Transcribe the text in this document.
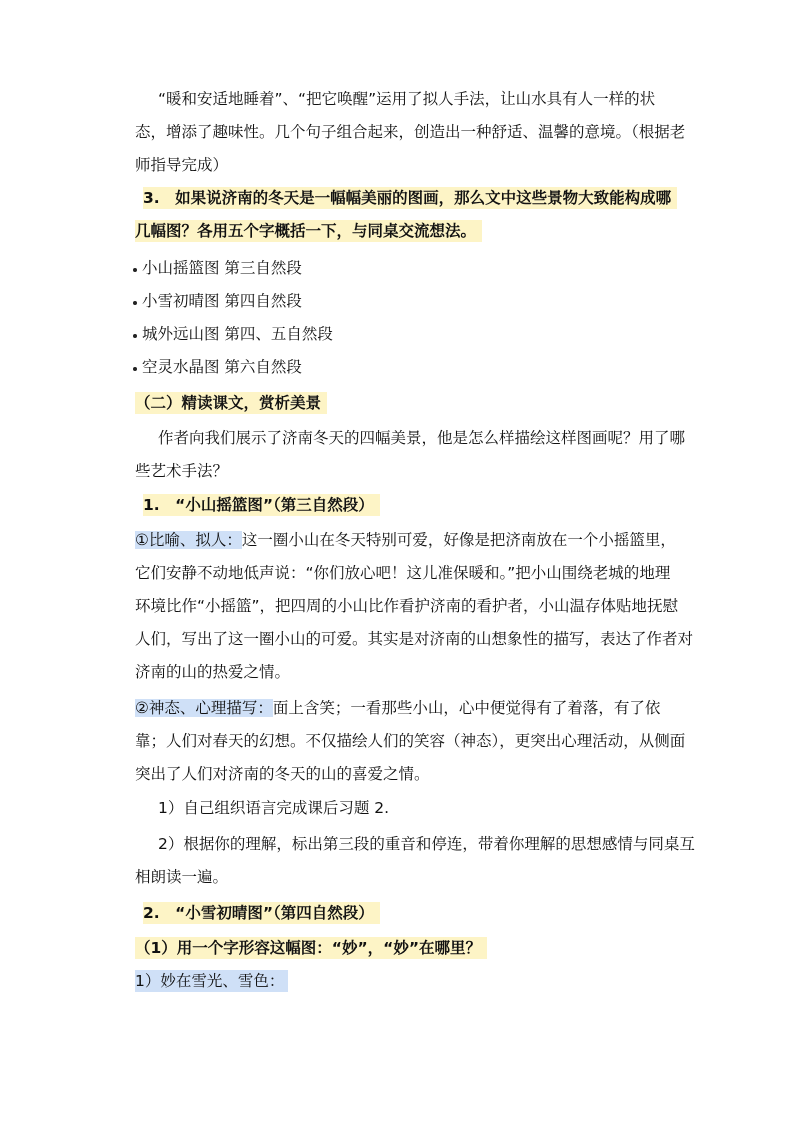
“暖和安适地睡着”、“把它唤醒”运用了拟人手法，让山水具有人一样的状
态，增添了趣味性。几个句子组合起来，创造出一种舒适、温馨的意境。（根据老
师指导完成）
3.　如果说济南的冬天是一幅幅美丽的图画，那么文中这些景物大致能构成哪
几幅图？各用五个字概括一下，与同桌交流想法。
小山摇篮图 第三自然段
小雪初晴图 第四自然段
城外远山图 第四、五自然段
空灵水晶图 第六自然段
（二）精读课文，赏析美景
作者向我们展示了济南冬天的四幅美景，他是怎么样描绘这样图画呢？用了哪
些艺术手法？
1.　“小山摇篮图”（第三自然段）
①比喻、拟人：这一圈小山在冬天特别可爱，好像是把济南放在一个小摇篮里，
它们安静不动地低声说：“你们放心吧！这儿准保暖和。”把小山围绕老城的地理
环境比作“小摇篮”，把四周的小山比作看护济南的看护者，小山温存体贴地抚慰
人们，写出了这一圈小山的可爱。其实是对济南的山想象性的描写，表达了作者对
济南的山的热爱之情。
②神态、心理描写：面上含笑；一看那些小山，心中便觉得有了着落，有了依
靠；人们对春天的幻想。不仅描绘人们的笑容（神态），更突出心理活动，从侧面
突出了人们对济南的冬天的山的喜爱之情。
1）自己组织语言完成课后习题 2.
2）根据你的理解，标出第三段的重音和停连，带着你理解的思想感情与同桌互
相朗读一遍。
2.　“小雪初晴图”（第四自然段）
（1）用一个字形容这幅图：“妙”，“妙”在哪里？
1）妙在雪光、雪色：
